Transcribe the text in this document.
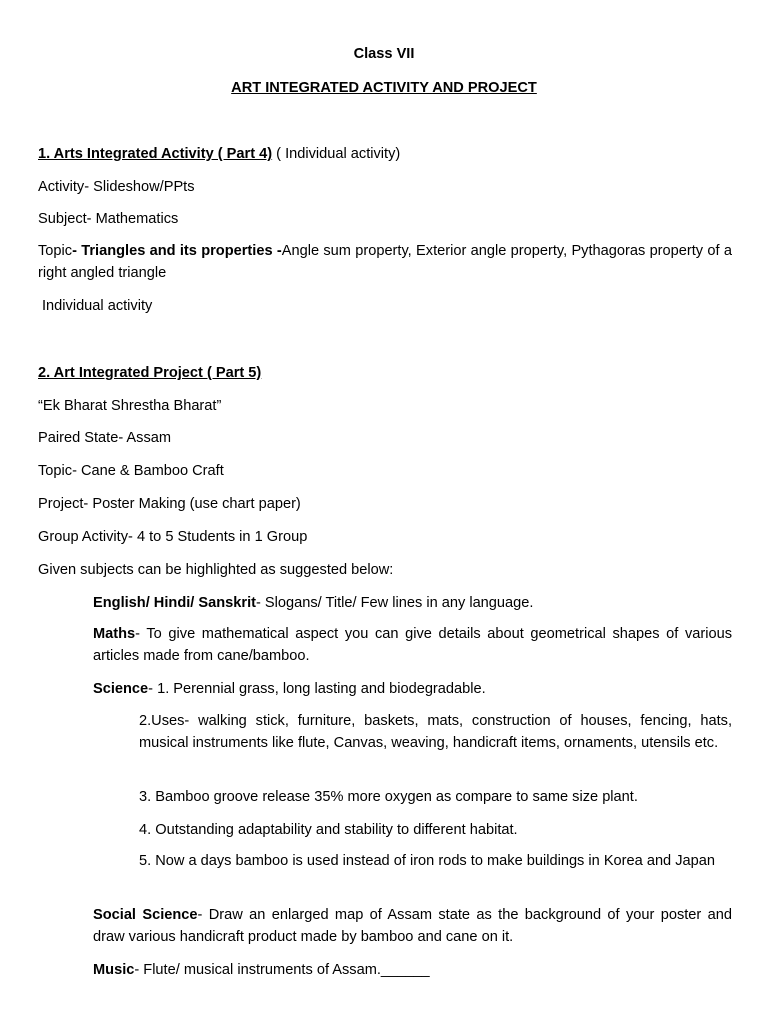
Class VII
ART INTEGRATED ACTIVITY AND PROJECT
1. Arts Integrated Activity ( Part 4) ( Individual activity)
Activity- Slideshow/PPts
Subject- Mathematics
Topic- Triangles and its properties -Angle sum property, Exterior angle property, Pythagoras property of a right angled triangle
Individual activity
2. Art Integrated Project ( Part 5)
“Ek Bharat Shrestha Bharat”
Paired State- Assam
Topic- Cane & Bamboo Craft
Project- Poster Making (use chart paper)
Group Activity- 4 to 5 Students in 1 Group
Given subjects can be highlighted as suggested below:
English/ Hindi/ Sanskrit- Slogans/ Title/ Few lines in any language.
Maths- To give mathematical aspect you can give details about geometrical shapes of various articles made from cane/bamboo.
Science- 1. Perennial grass, long lasting and biodegradable.
2.Uses- walking stick, furniture, baskets, mats, construction of houses, fencing, hats, musical instruments like flute, Canvas, weaving, handicraft items, ornaments, utensils etc.
3. Bamboo groove release 35% more oxygen as compare to same size plant.
4. Outstanding adaptability and stability to different habitat.
5. Now a days bamboo is used instead of iron rods to make buildings in Korea and Japan
Social Science- Draw an enlarged map of Assam state as the background of your poster and draw various handicraft product made by bamboo and cane on it.
Music- Flute/ musical instruments of Assam.______
